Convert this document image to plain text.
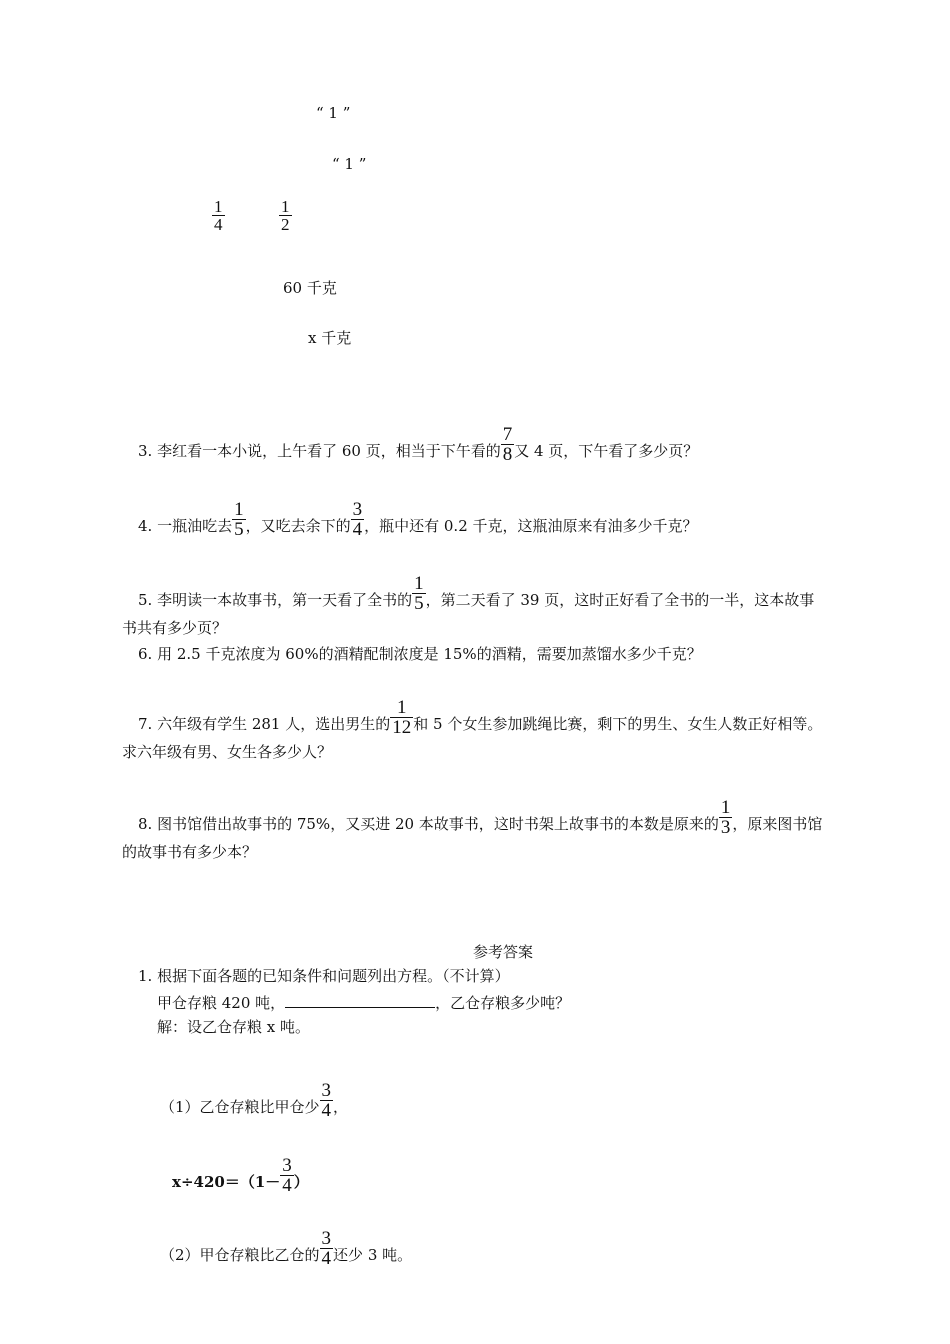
“ 1 ”
“ 1 ”
$\frac{1}{4}$	$\frac{1}{2}$
60 千克
x 千克
3. 李红看一本小说，上午看了 60 页，相当于下午看的 $\frac{7}{8}$ 又 4 页，下午看了多少页？
4. 一瓶油吃去 $\frac{1}{5}$ ，又吃去余下的 $\frac{3}{4}$ ，瓶中还有 0.2 千克，这瓶油原来有油多少千克？
5. 李明读一本故事书，第一天看了全书的 $\frac{1}{5}$ ，第二天看了 39 页，这时正好看了全书的一半，这本故事
书共有多少页？
6. 用 2.5 千克浓度为 60%的酒精配制浓度是 15%的酒精，需要加蒸馏水多少千克？
7. 六年级有学生 281 人，选出男生的 $\frac{1}{12}$ 和 5 个女生参加跳绳比赛，剩下的男生、女生人数正好相等。
求六年级有男、女生各多少人？
8. 图书馆借出故事书的 75%，又买进 20 本故事书，这时书架上故事书的本数是原来的 $\frac{1}{3}$ ，原来图书馆
的故事书有多少本？
参考答案
1. 根据下面各题的已知条件和问题列出方程。（不计算）
甲仓存粮 420 吨，	，乙仓存粮多少吨？
解：设乙仓存粮 x 吨。
（1）乙仓存粮比甲仓少 $\frac{3}{4}$ ，
$x\div 420=(1- \frac{3}{4}$ ）
（2）甲仓存粮比乙仓的 $\frac{3}{4}$ 还少 3 吨。
